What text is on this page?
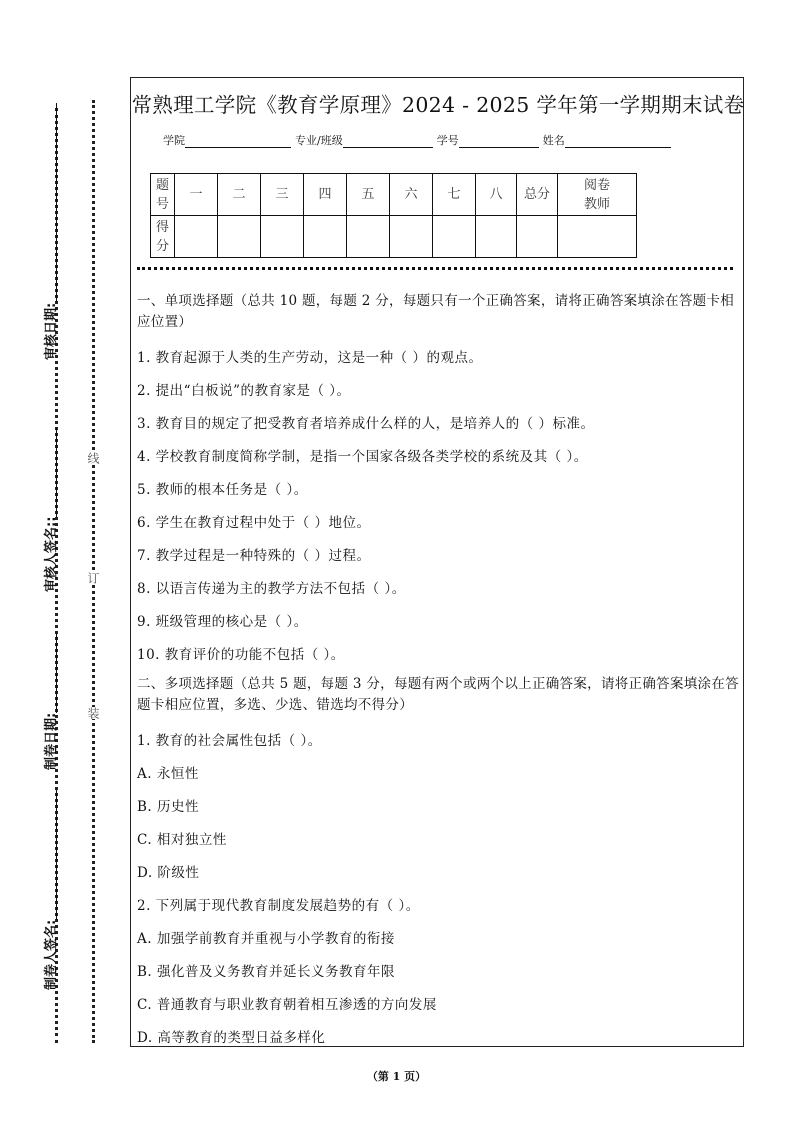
线
订
装
审核日期:
审核人签名::
制卷日期:
制卷人签名:
常熟理工学院《教育学原理》2024 - 2025 学年第一学期期末试卷
学院	专业/班级	学号	姓名
题号	一	二	三	四	五	六	七	八	总分	阅卷教师
得分										
一、单项选择题（总共 10 题，每题 2 分，每题只有一个正确答案，请将正确答案填涂在答题卡相应位置）
1. 教育起源于人类的生产劳动，这是一种（ ）的观点。
2. 提出“白板说”的教育家是（ ）。
3. 教育目的规定了把受教育者培养成什么样的人，是培养人的（ ）标准。
4. 学校教育制度简称学制，是指一个国家各级各类学校的系统及其（ ）。
5. 教师的根本任务是（ ）。
6. 学生在教育过程中处于（ ）地位。
7. 教学过程是一种特殊的（ ）过程。
8. 以语言传递为主的教学方法不包括（ ）。
9. 班级管理的核心是（ ）。
10. 教育评价的功能不包括（ ）。
二、多项选择题（总共 5 题，每题 3 分，每题有两个或两个以上正确答案，请将正确答案填涂在答题卡相应位置，多选、少选、错选均不得分）
1. 教育的社会属性包括（ ）。
A. 永恒性
B. 历史性
C. 相对独立性
D. 阶级性
2. 下列属于现代教育制度发展趋势的有（ ）。
A. 加强学前教育并重视与小学教育的衔接
B. 强化普及义务教育并延长义务教育年限
C. 普通教育与职业教育朝着相互渗透的方向发展
D. 高等教育的类型日益多样化
（第 1 页）
